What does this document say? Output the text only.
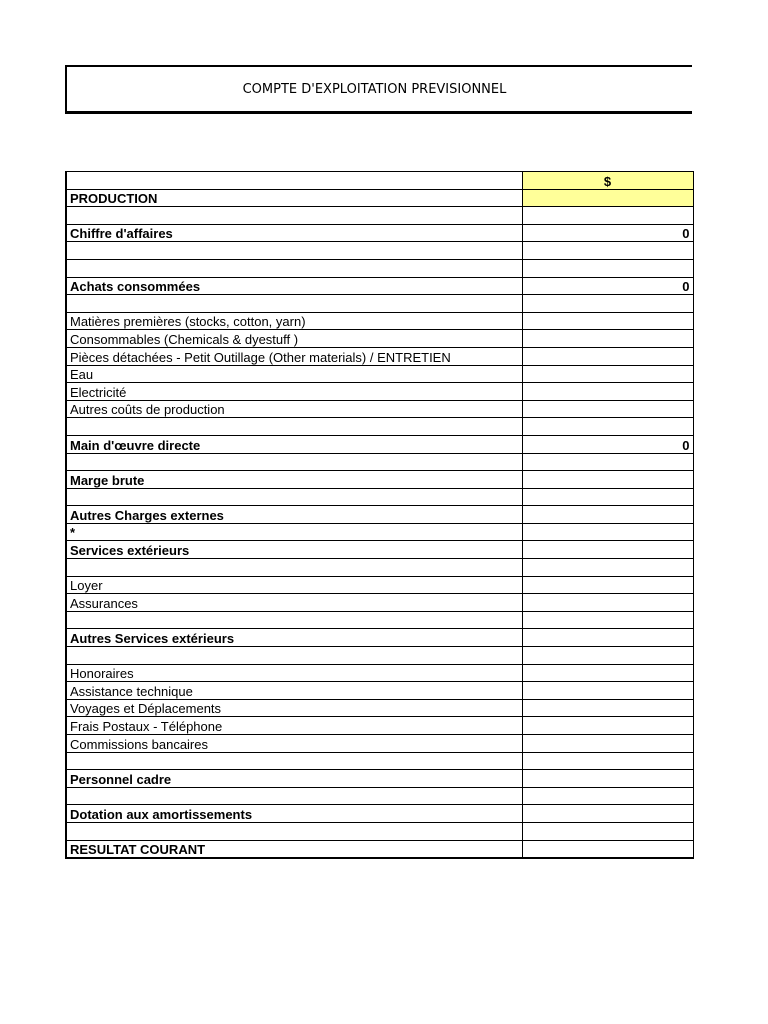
COMPTE D'EXPLOITATION PREVISIONNEL
	$
PRODUCTION	

Chiffre d'affaires	0

Achats consommées	0

Matières premières (stocks, cotton, yarn)	
Consommables (Chemicals & dyestuff )	
Pièces détachées - Petit Outillage (Other materials) / ENTRETIEN	
Eau	
Electricité	
Autres coûts de production	

Main d'œuvre directe	0

Marge brute	

Autres Charges externes	
*	
Services extérieurs	

Loyer	
Assurances	

Autres Services extérieurs	

Honoraires	
Assistance technique	
Voyages et Déplacements	
Frais Postaux - Téléphone	
Commissions bancaires	

Personnel cadre	

Dotation aux amortissements	

RESULTAT COURANT	
